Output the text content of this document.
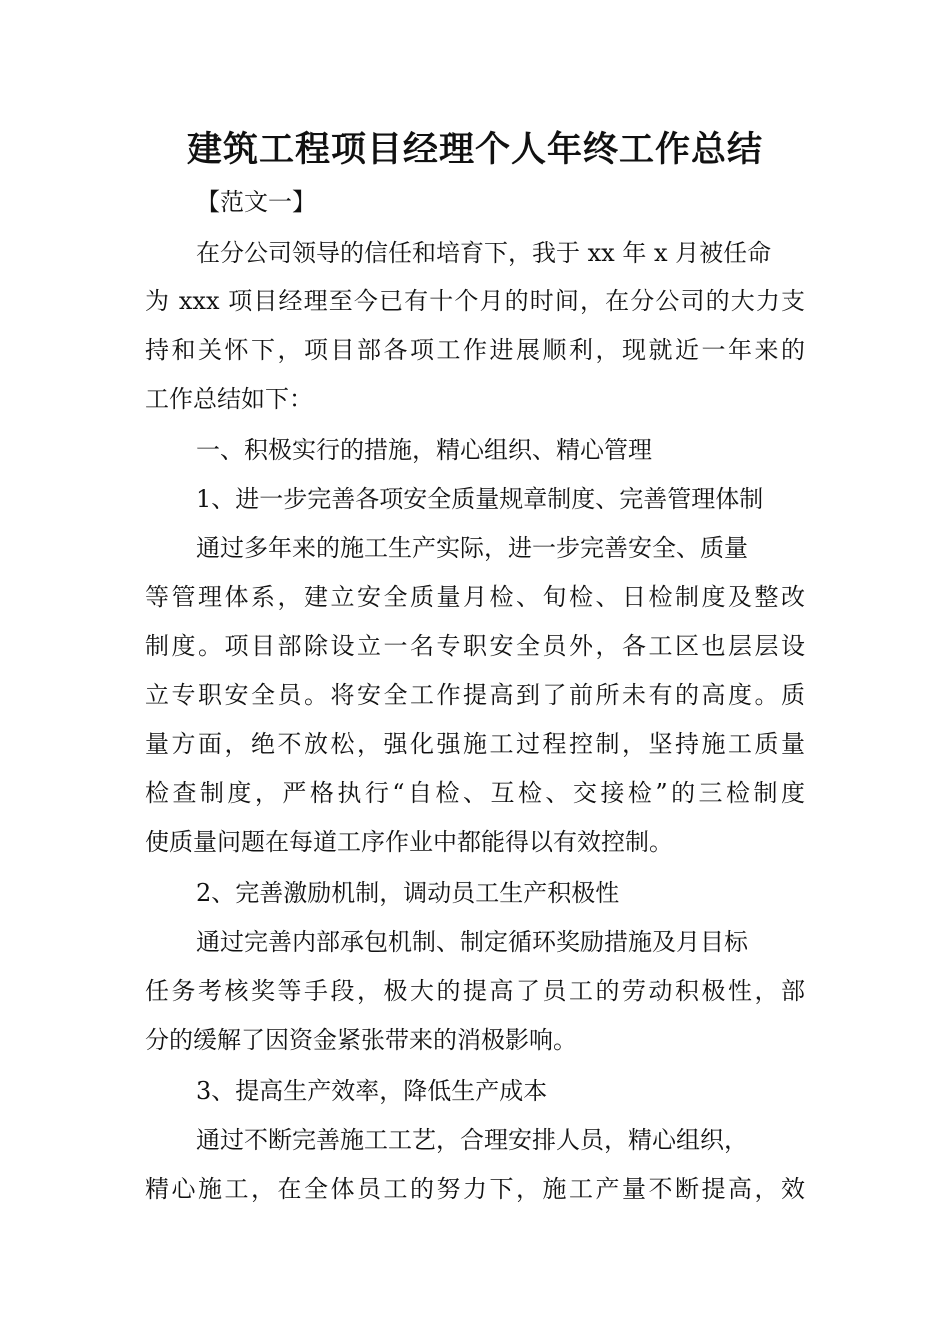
建筑工程项目经理个人年终工作总结
【范文一】
在分公司领导的信任和培育下，我于 xx 年 x 月被任命
为 xxx 项目经理至今已有十个月的时间，在分公司的大力支
持和关怀下，项目部各项工作进展顺利，现就近一年来的
工作总结如下：
一、积极实行的措施，精心组织、精心管理
1、进一步完善各项安全质量规章制度、完善管理体制
通过多年来的施工生产实际，进一步完善安全、质量
等管理体系，建立安全质量月检、旬检、日检制度及整改
制度。项目部除设立一名专职安全员外，各工区也层层设
立专职安全员。将安全工作提高到了前所未有的高度。质
量方面，绝不放松，强化强施工过程控制，坚持施工质量
检查制度，严格执行“自检、互检、交接检”的三检制度
使质量问题在每道工序作业中都能得以有效控制。
2、完善激励机制，调动员工生产积极性
通过完善内部承包机制、制定循环奖励措施及月目标
任务考核奖等手段，极大的提高了员工的劳动积极性，部
分的缓解了因资金紧张带来的消极影响。
3、提高生产效率，降低生产成本
通过不断完善施工工艺，合理安排人员，精心组织，
精心施工，在全体员工的努力下，施工产量不断提高，效
